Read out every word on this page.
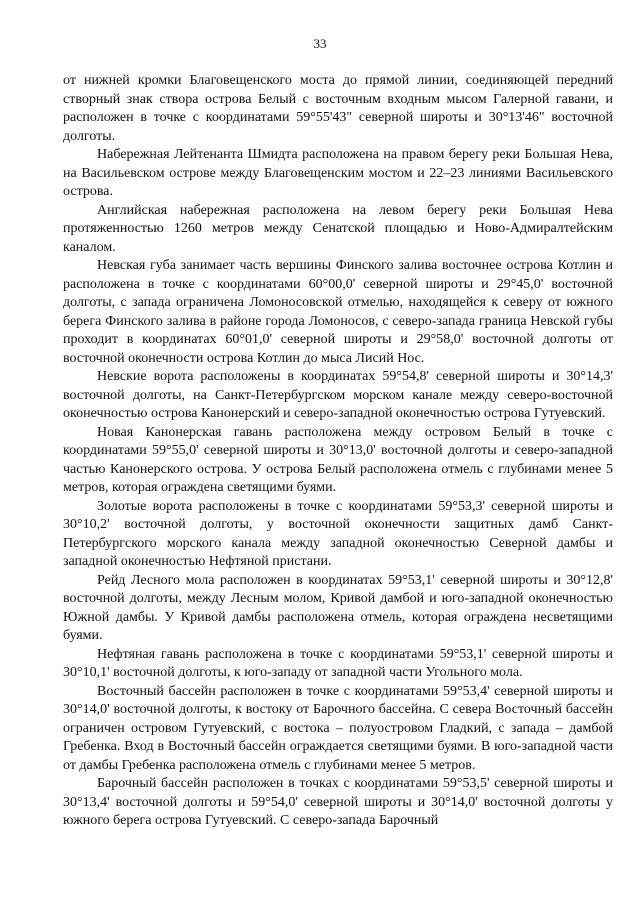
33

от нижней кромки Благовещенского моста до прямой линии, соединяющей передний створный знак створа острова Белый с восточным входным мысом Галерной гавани, и расположен в точке с координатами 59°55'43" северной широты и 30°13'46" восточной долготы.

Набережная Лейтенанта Шмидта расположена на правом берегу реки Большая Нева, на Васильевском острове между Благовещенским мостом и 22–23 линиями Васильевского острова.

Английская набережная расположена на левом берегу реки Большая Нева протяженностью 1260 метров между Сенатской площадью и Ново-Адмиралтейским каналом.

Невская губа занимает часть вершины Финского залива восточнее острова Котлин и расположена в точке с координатами 60°00,0' северной широты и 29°45,0' восточной долготы, с запада ограничена Ломоносовской отмелью, находящейся к северу от южного берега Финского залива в районе города Ломоносов, с северо-запада граница Невской губы проходит в координатах 60°01,0' северной широты и 29°58,0' восточной долготы от восточной оконечности острова Котлин до мыса Лисий Нос.

Невские ворота расположены в координатах 59°54,8' северной широты и 30°14,3' восточной долготы, на Санкт-Петербургском морском канале между северо-восточной оконечностью острова Канонерский и северо-западной оконечностью острова Гутуевский.

Новая Канонерская гавань расположена между островом Белый в точке с координатами 59°55,0' северной широты и 30°13,0' восточной долготы и северо-западной частью Канонерского острова. У острова Белый расположена отмель с глубинами менее 5 метров, которая ограждена светящими буями.

Золотые ворота расположены в точке с координатами 59°53,3' северной широты и 30°10,2' восточной долготы, у восточной оконечности защитных дамб Санкт-Петербургского морского канала между западной оконечностью Северной дамбы и западной оконечностью Нефтяной пристани.

Рейд Лесного мола расположен в координатах 59°53,1' северной широты и 30°12,8' восточной долготы, между Лесным молом, Кривой дамбой и юго-западной оконечностью Южной дамбы. У Кривой дамбы расположена отмель, которая ограждена несветящими буями.

Нефтяная гавань расположена в точке с координатами 59°53,1' северной широты и 30°10,1' восточной долготы, к юго-западу от западной части Угольного мола.

Восточный бассейн расположен в точке с координатами 59°53,4' северной широты и 30°14,0' восточной долготы, к востоку от Барочного бассейна. С севера Восточный бассейн ограничен островом Гутуевский, с востока – полуостровом Гладкий, с запада – дамбой Гребенка. Вход в Восточный бассейн ограждается светящими буями. В юго-западной части от дамбы Гребенка расположена отмель с глубинами менее 5 метров.

Барочный бассейн расположен в точках с координатами 59°53,5' северной широты и 30°13,4' восточной долготы и 59°54,0' северной широты и 30°14,0' восточной долготы у южного берега острова Гутуевский. С северо-запада Барочный
